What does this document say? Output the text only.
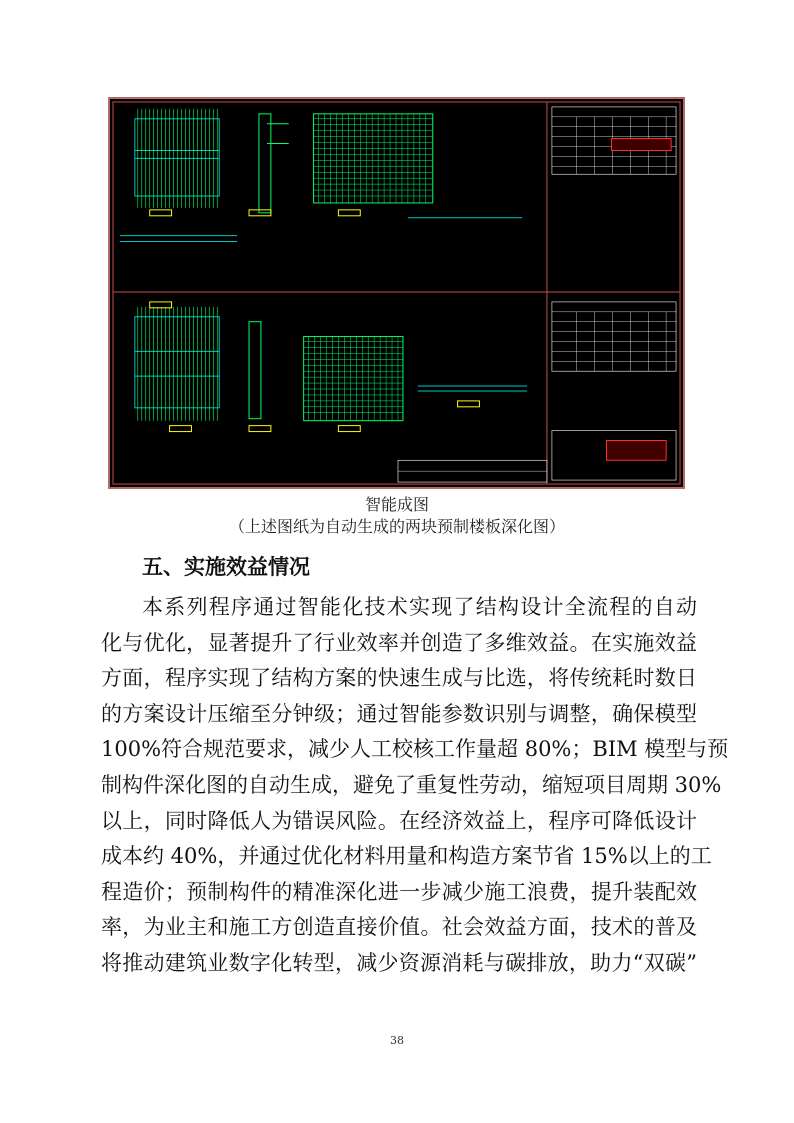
智能成图
（上述图纸为自动生成的两块预制楼板深化图）
五、实施效益情况
本系列程序通过智能化技术实现了结构设计全流程的自动
化与优化，显著提升了行业效率并创造了多维效益。在实施效益
方面，程序实现了结构方案的快速生成与比选，将传统耗时数日
的方案设计压缩至分钟级；通过智能参数识别与调整，确保模型
100%符合规范要求，减少人工校核工作量超 80%；BIM 模型与预
制构件深化图的自动生成，避免了重复性劳动，缩短项目周期 30%
以上，同时降低人为错误风险。在经济效益上，程序可降低设计
成本约 40%，并通过优化材料用量和构造方案节省 15%以上的工
程造价；预制构件的精准深化进一步减少施工浪费，提升装配效
率，为业主和施工方创造直接价值。社会效益方面，技术的普及
将推动建筑业数字化转型，减少资源消耗与碳排放，助力“双碳”
38
